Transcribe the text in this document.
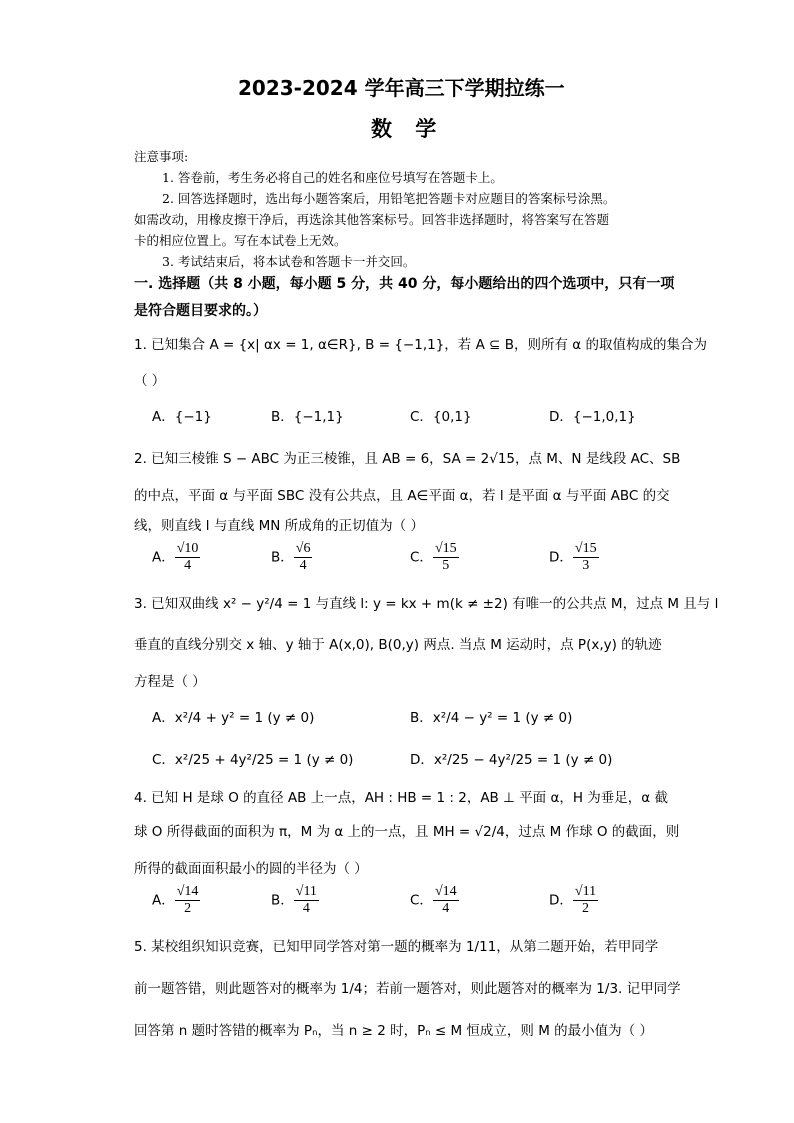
2023-2024 学年高三下学期拉练一
数 学
注意事项:
1. 答卷前，考生务必将自己的姓名和座位号填写在答题卡上。
2. 回答选择题时，选出每小题答案后，用铅笔把答题卡对应题目的答案标号涂黑。
如需改动，用橡皮擦干净后，再选涂其他答案标号。回答非选择题时，将答案写在答题
卡的相应位置上。写在本试卷上无效。
3. 考试结束后，将本试卷和答题卡一并交回。
一. 选择题（共 8 小题，每小题 5 分，共 40 分，每小题给出的四个选项中，只有一项
是符合题目要求的。）
1. 已知集合 A = {x| αx = 1, α∈R}, B = {−1,1}，若 A ⊆ B，则所有 α 的取值构成的集合为
（ ）
A．{−1}	B．{−1,1}	C．{0,1}	D．{−1,0,1}
2. 已知三棱锥 S − ABC 为正三棱锥，且 AB = 6，SA = 2√15，点 M、N 是线段 AC、SB
的中点，平面 α 与平面 SBC 没有公共点，且 A∈平面 α，若 l 是平面 α 与平面 ABC 的交
线，则直线 l 与直线 MN 所成角的正切值为（ ）
A． $\frac{√10}{4}$	B． $\frac{√6}{4}$	C． $\frac{√15}{5}$	D． $\frac{√15}{3}$
3. 已知双曲线 x² − y²/4 = 1 与直线 l: y = kx + m(k ≠ ±2) 有唯一的公共点 M，过点 M 且与 l
垂直的直线分别交 x 轴、y 轴于 A(x,0), B(0,y) 两点. 当点 M 运动时，点 P(x,y) 的轨迹
方程是（ ）
A．x²/4 + y² = 1 (y ≠ 0)	B．x²/4 − y² = 1 (y ≠ 0)
C．x²/25 + 4y²/25 = 1 (y ≠ 0)	D．x²/25 − 4y²/25 = 1 (y ≠ 0)
4. 已知 H 是球 O 的直径 AB 上一点，AH : HB = 1 : 2，AB ⊥ 平面 α，H 为垂足，α 截
球 O 所得截面的面积为 π，M 为 α 上的一点，且 MH = √2/4，过点 M 作球 O 的截面，则
所得的截面面积最小的圆的半径为（ ）
A． $\frac{√14}{2}$	B． $\frac{√11}{4}$	C． $\frac{√14}{4}$	D． $\frac{√11}{2}$
5. 某校组织知识竞赛，已知甲同学答对第一题的概率为 1/11，从第二题开始，若甲同学
前一题答错，则此题答对的概率为 1/4；若前一题答对，则此题答对的概率为 1/3. 记甲同学
回答第 n 题时答错的概率为 Pₙ，当 n ≥ 2 时，Pₙ ≤ M 恒成立，则 M 的最小值为（ ）
